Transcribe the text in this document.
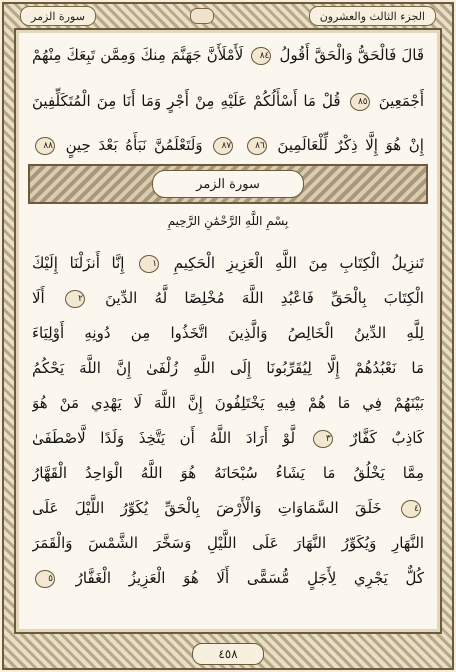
سورة الزمر	الجزء الثالث والعشرون
قَالَ فَالْحَقُّ وَالْحَقَّ أَقُولُ ٨٤ لَأَمْلَأَنَّ جَهَنَّمَ مِنكَ وَمِمَّن تَبِعَكَ مِنْهُمْ
أَجْمَعِينَ ٨٥ قُلْ مَا أَسْأَلُكُمْ عَلَيْهِ مِنْ أَجْرٍ وَمَا أَنَا مِنَ الْمُتَكَلِّفِينَ
إِنْ هُوَ إِلَّا ذِكْرٌ لِّلْعَالَمِينَ ٨٦ ٨٧ وَلَتَعْلَمُنَّ نَبَأَهُ بَعْدَ حِينٍ ٨٨
سورة الزمر
بِسْمِ اللَّهِ الرَّحْمَٰنِ الرَّحِيمِ
تَنزِيلُ الْكِتَابِ مِنَ اللَّهِ الْعَزِيزِ الْحَكِيمِ ١ إِنَّا أَنزَلْنَا إِلَيْكَ
الْكِتَابَ بِالْحَقِّ فَاعْبُدِ اللَّهَ مُخْلِصًا لَّهُ الدِّينَ ٢ أَلَا
لِلَّهِ الدِّينُ الْخَالِصُ وَالَّذِينَ اتَّخَذُوا مِن دُونِهِ أَوْلِيَاءَ
مَا نَعْبُدُهُمْ إِلَّا لِيُقَرِّبُونَا إِلَى اللَّهِ زُلْفَىٰ إِنَّ اللَّهَ يَحْكُمُ
بَيْنَهُمْ فِي مَا هُمْ فِيهِ يَخْتَلِفُونَ إِنَّ اللَّهَ لَا يَهْدِي مَنْ هُوَ
كَاذِبٌ كَفَّارٌ ٣ لَّوْ أَرَادَ اللَّهُ أَن يَتَّخِذَ وَلَدًا لَّاصْطَفَىٰ
مِمَّا يَخْلُقُ مَا يَشَاءُ سُبْحَانَهُ هُوَ اللَّهُ الْوَاحِدُ الْقَهَّارُ
٤ خَلَقَ السَّمَاوَاتِ وَالْأَرْضَ بِالْحَقِّ يُكَوِّرُ اللَّيْلَ عَلَى
النَّهَارِ وَيُكَوِّرُ النَّهَارَ عَلَى اللَّيْلِ وَسَخَّرَ الشَّمْسَ وَالْقَمَرَ
كُلٌّ يَجْرِي لِأَجَلٍ مُّسَمًّى أَلَا هُوَ الْعَزِيزُ الْغَفَّارُ ٥
٤٥٨
